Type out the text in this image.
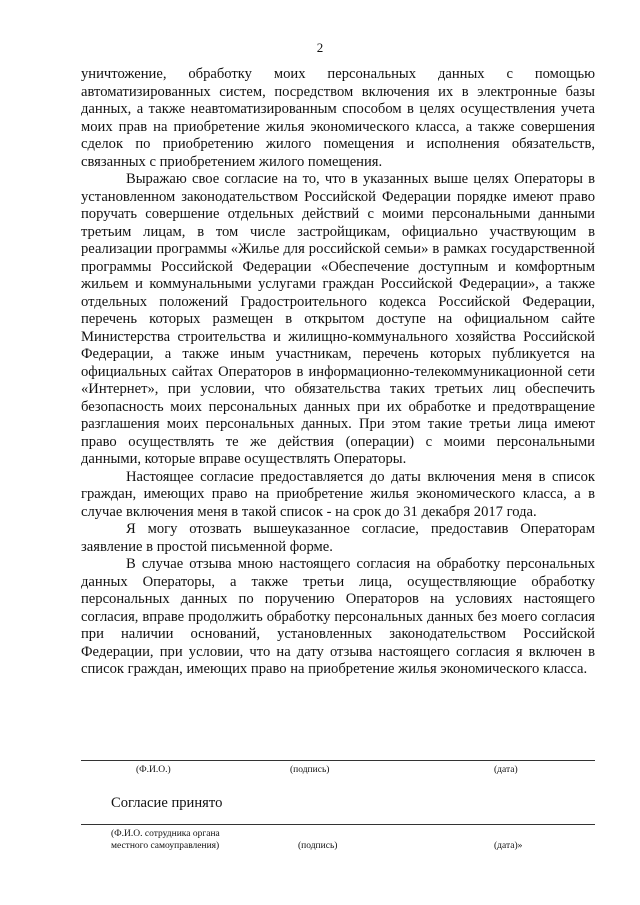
2

уничтожение, обработку моих персональных данных с помощью автоматизированных систем, посредством включения их в электронные базы данных, а также неавтоматизированным способом в целях осуществления учета моих прав на приобретение жилья экономического класса, а также совершения сделок по приобретению жилого помещения и исполнения обязательств, связанных с приобретением жилого помещения.

Выражаю свое согласие на то, что в указанных выше целях Операторы в установленном законодательством Российской Федерации порядке имеют право поручать совершение отдельных действий с моими персональными данными третьим лицам, в том числе застройщикам, официально участвующим в реализации программы «Жилье для российской семьи» в рамках государственной программы Российской Федерации «Обеспечение доступным и комфортным жильем и коммунальными услугами граждан Российской Федерации», а также отдельных положений Градостроительного кодекса Российской Федерации, перечень которых размещен в открытом доступе на официальном сайте Министерства строительства и жилищно-коммунального хозяйства Российской Федерации, а также иным участникам, перечень которых публикуется на официальных сайтах Операторов в информационно-телекоммуникационной сети «Интернет», при условии, что обязательства таких третьих лиц обеспечить безопасность моих персональных данных при их обработке и предотвращение разглашения моих персональных данных. При этом такие третьи лица имеют право осуществлять те же действия (операции) с моими персональными данными, которые вправе осуществлять Операторы.

Настоящее согласие предоставляется до даты включения меня в список граждан, имеющих право на приобретение жилья экономического класса, а в случае включения меня в такой список - на срок до 31 декабря 2017 года.

Я могу отозвать вышеуказанное согласие, предоставив Операторам заявление в простой письменной форме.

В случае отзыва мною настоящего согласия на обработку персональных данных Операторы, а также третьи лица, осуществляющие обработку персональных данных по поручению Операторов на условиях настоящего согласия, вправе продолжить обработку персональных данных без моего согласия при наличии оснований, установленных законодательством Российской Федерации, при условии, что на дату отзыва настоящего согласия я включен в список граждан, имеющих право на приобретение жилья экономического класса.

(Ф.И.О.)	(подпись)	(дата)
Согласие принято
(Ф.И.О. сотрудника органа
местного самоуправления)	(подпись)	(дата)»
